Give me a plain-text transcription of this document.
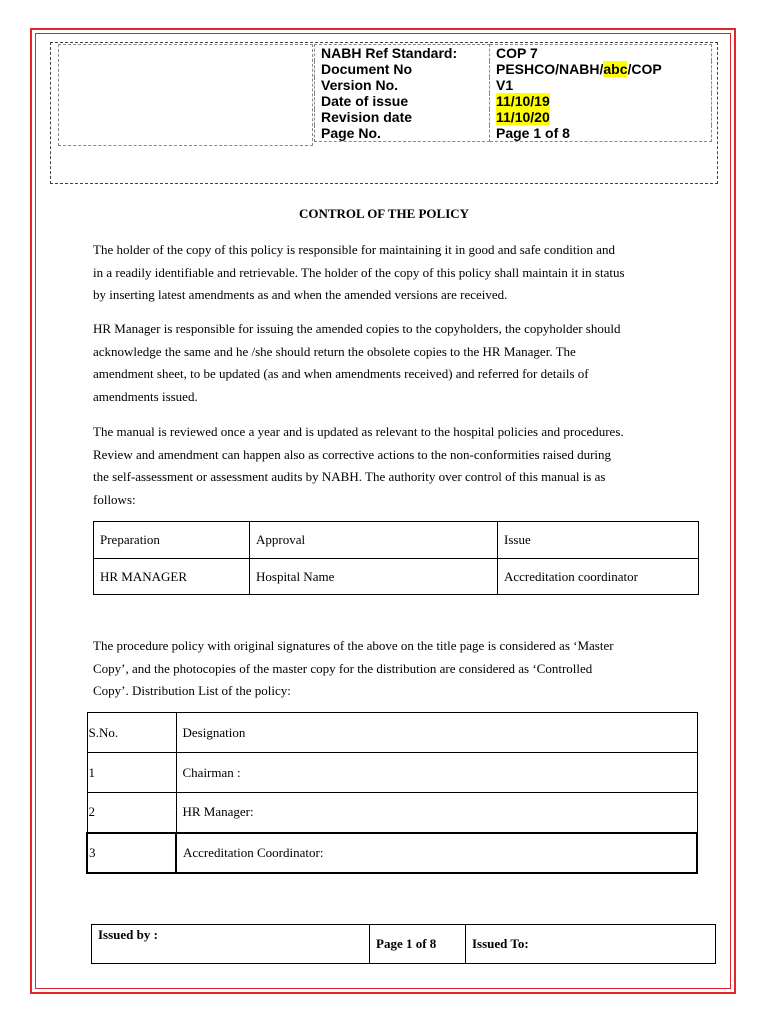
NABH Ref Standard:	COP 7
Document No	PESHCO/NABH/abc/COP
Version No.	V1
Date of issue	11/10/19
Revision date	11/10/20
Page No.	Page 1 of 8
CONTROL OF THE POLICY
The holder of the copy of this policy is responsible for maintaining it in good and safe condition and
in a readily identifiable and retrievable. The holder of the copy of this policy shall maintain it in status
by inserting latest amendments as and when the amended versions are received.
HR Manager is responsible for issuing the amended copies to the copyholders, the copyholder should
acknowledge the same and he /she should return the obsolete copies to the HR Manager. The
amendment sheet, to be updated (as and when amendments received) and referred for details of
amendments issued.
The manual is reviewed once a year and is updated as relevant to the hospital policies and procedures.
Review and amendment can happen also as corrective actions to the non-conformities raised during
the self-assessment or assessment audits by NABH. The authority over control of this manual is as
follows:
Preparation	Approval	Issue
HR MANAGER	Hospital Name	Accreditation coordinator
The procedure policy with original signatures of the above on the title page is considered as ‘Master
Copy’, and the photocopies of the master copy for the distribution are considered as ‘Controlled
Copy’. Distribution List of the policy:
S.No.	Designation
1	Chairman :
2	HR Manager:
3	Accreditation Coordinator:
Issued by :	Page 1 of 8	Issued To:
